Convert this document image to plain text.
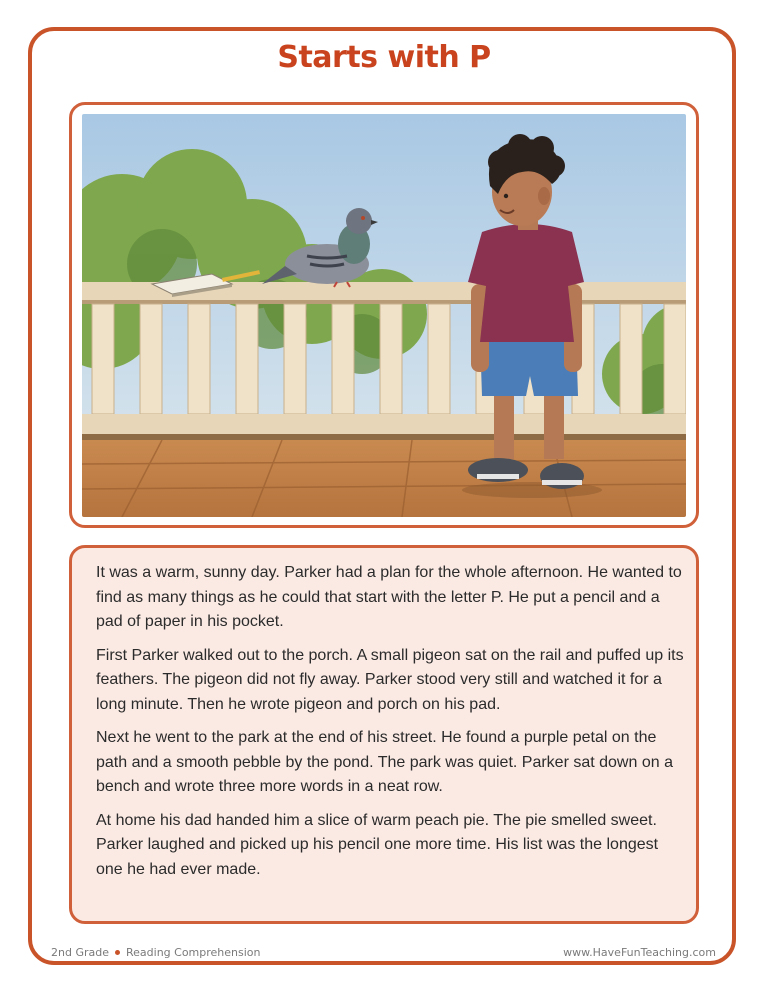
Starts with P

It was a warm, sunny day. Parker had a plan for the whole afternoon. He wanted to find as many things as he could that start with the letter P. He put a pencil and a pad of paper in his pocket.

First Parker walked out to the porch. A small pigeon sat on the rail and puffed up its feathers. The pigeon did not fly away. Parker stood very still and watched it for a long minute. Then he wrote pigeon and porch on his pad.

Next he went to the park at the end of his street. He found a purple petal on the path and a smooth pebble by the pond. The park was quiet. Parker sat down on a bench and wrote three more words in a neat row.

At home his dad handed him a slice of warm peach pie. The pie smelled sweet. Parker laughed and picked up his pencil one more time. His list was the longest one he had ever made.

2nd Grade Reading Comprehension	www.HaveFunTeaching.com
